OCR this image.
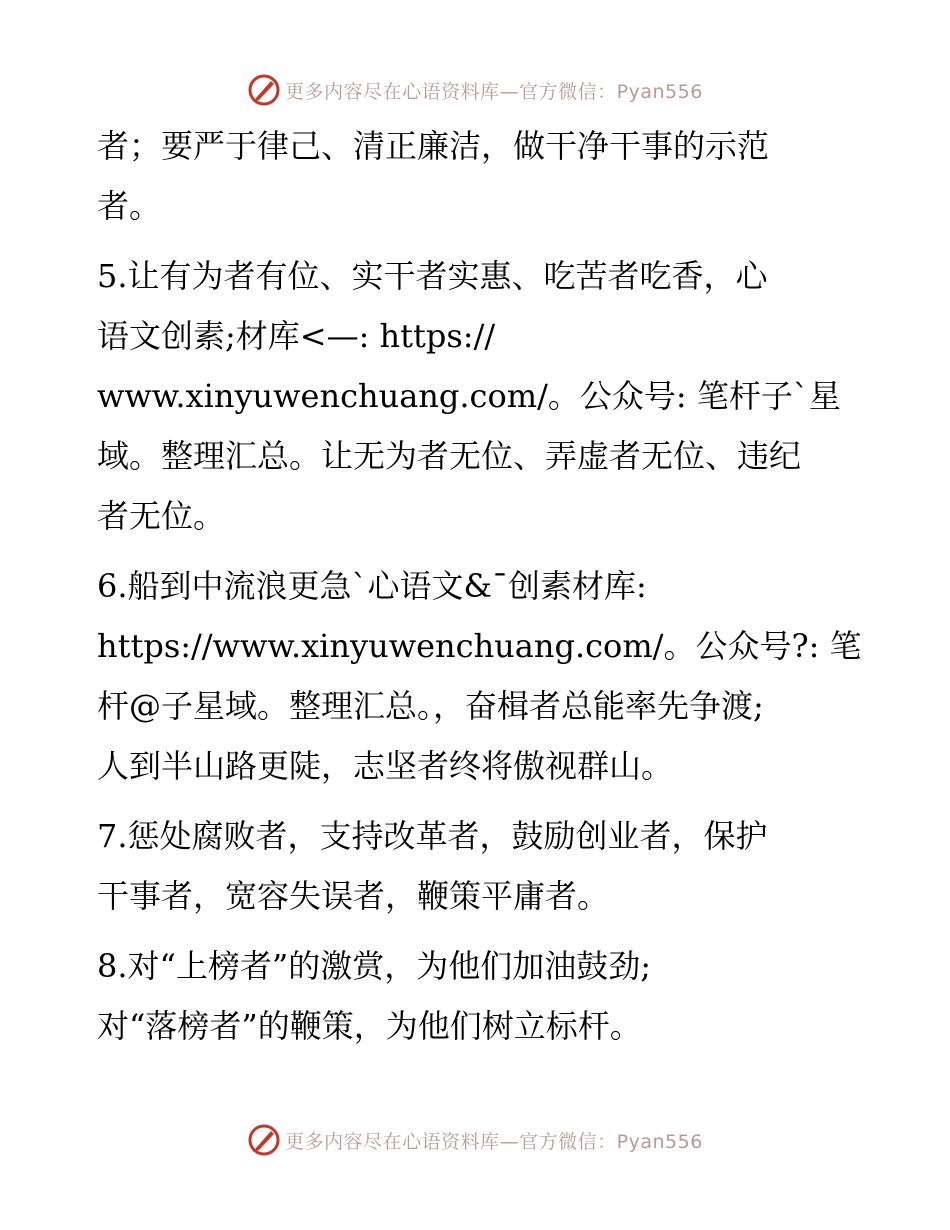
更多内容尽在心语资料库—官方微信：Pyan556

者；要严于律己、清正廉洁，做干净干事的示范
者。

5.让有为者有位、实干者实惠、吃苦者吃香，心
语文创素;材库<—: https://
www.xinyuwenchuang.com/。公众号: 笔杆子`星
域。整理汇总。让无为者无位、弄虚者无位、违纪
者无位。

6.船到中流浪更急`心语文&¯创素材库:
https://www.xinyuwenchuang.com/。公众号?: 笔
杆@子星域。整理汇总。，奋楫者总能率先争渡;
人到半山路更陡，志坚者终将傲视群山。

7.惩处腐败者，支持改革者，鼓励创业者，保护
干事者，宽容失误者，鞭策平庸者。

8.对“上榜者”的激赏，为他们加油鼓劲;
对“落榜者”的鞭策，为他们树立标杆。

更多内容尽在心语资料库—官方微信：Pyan556
